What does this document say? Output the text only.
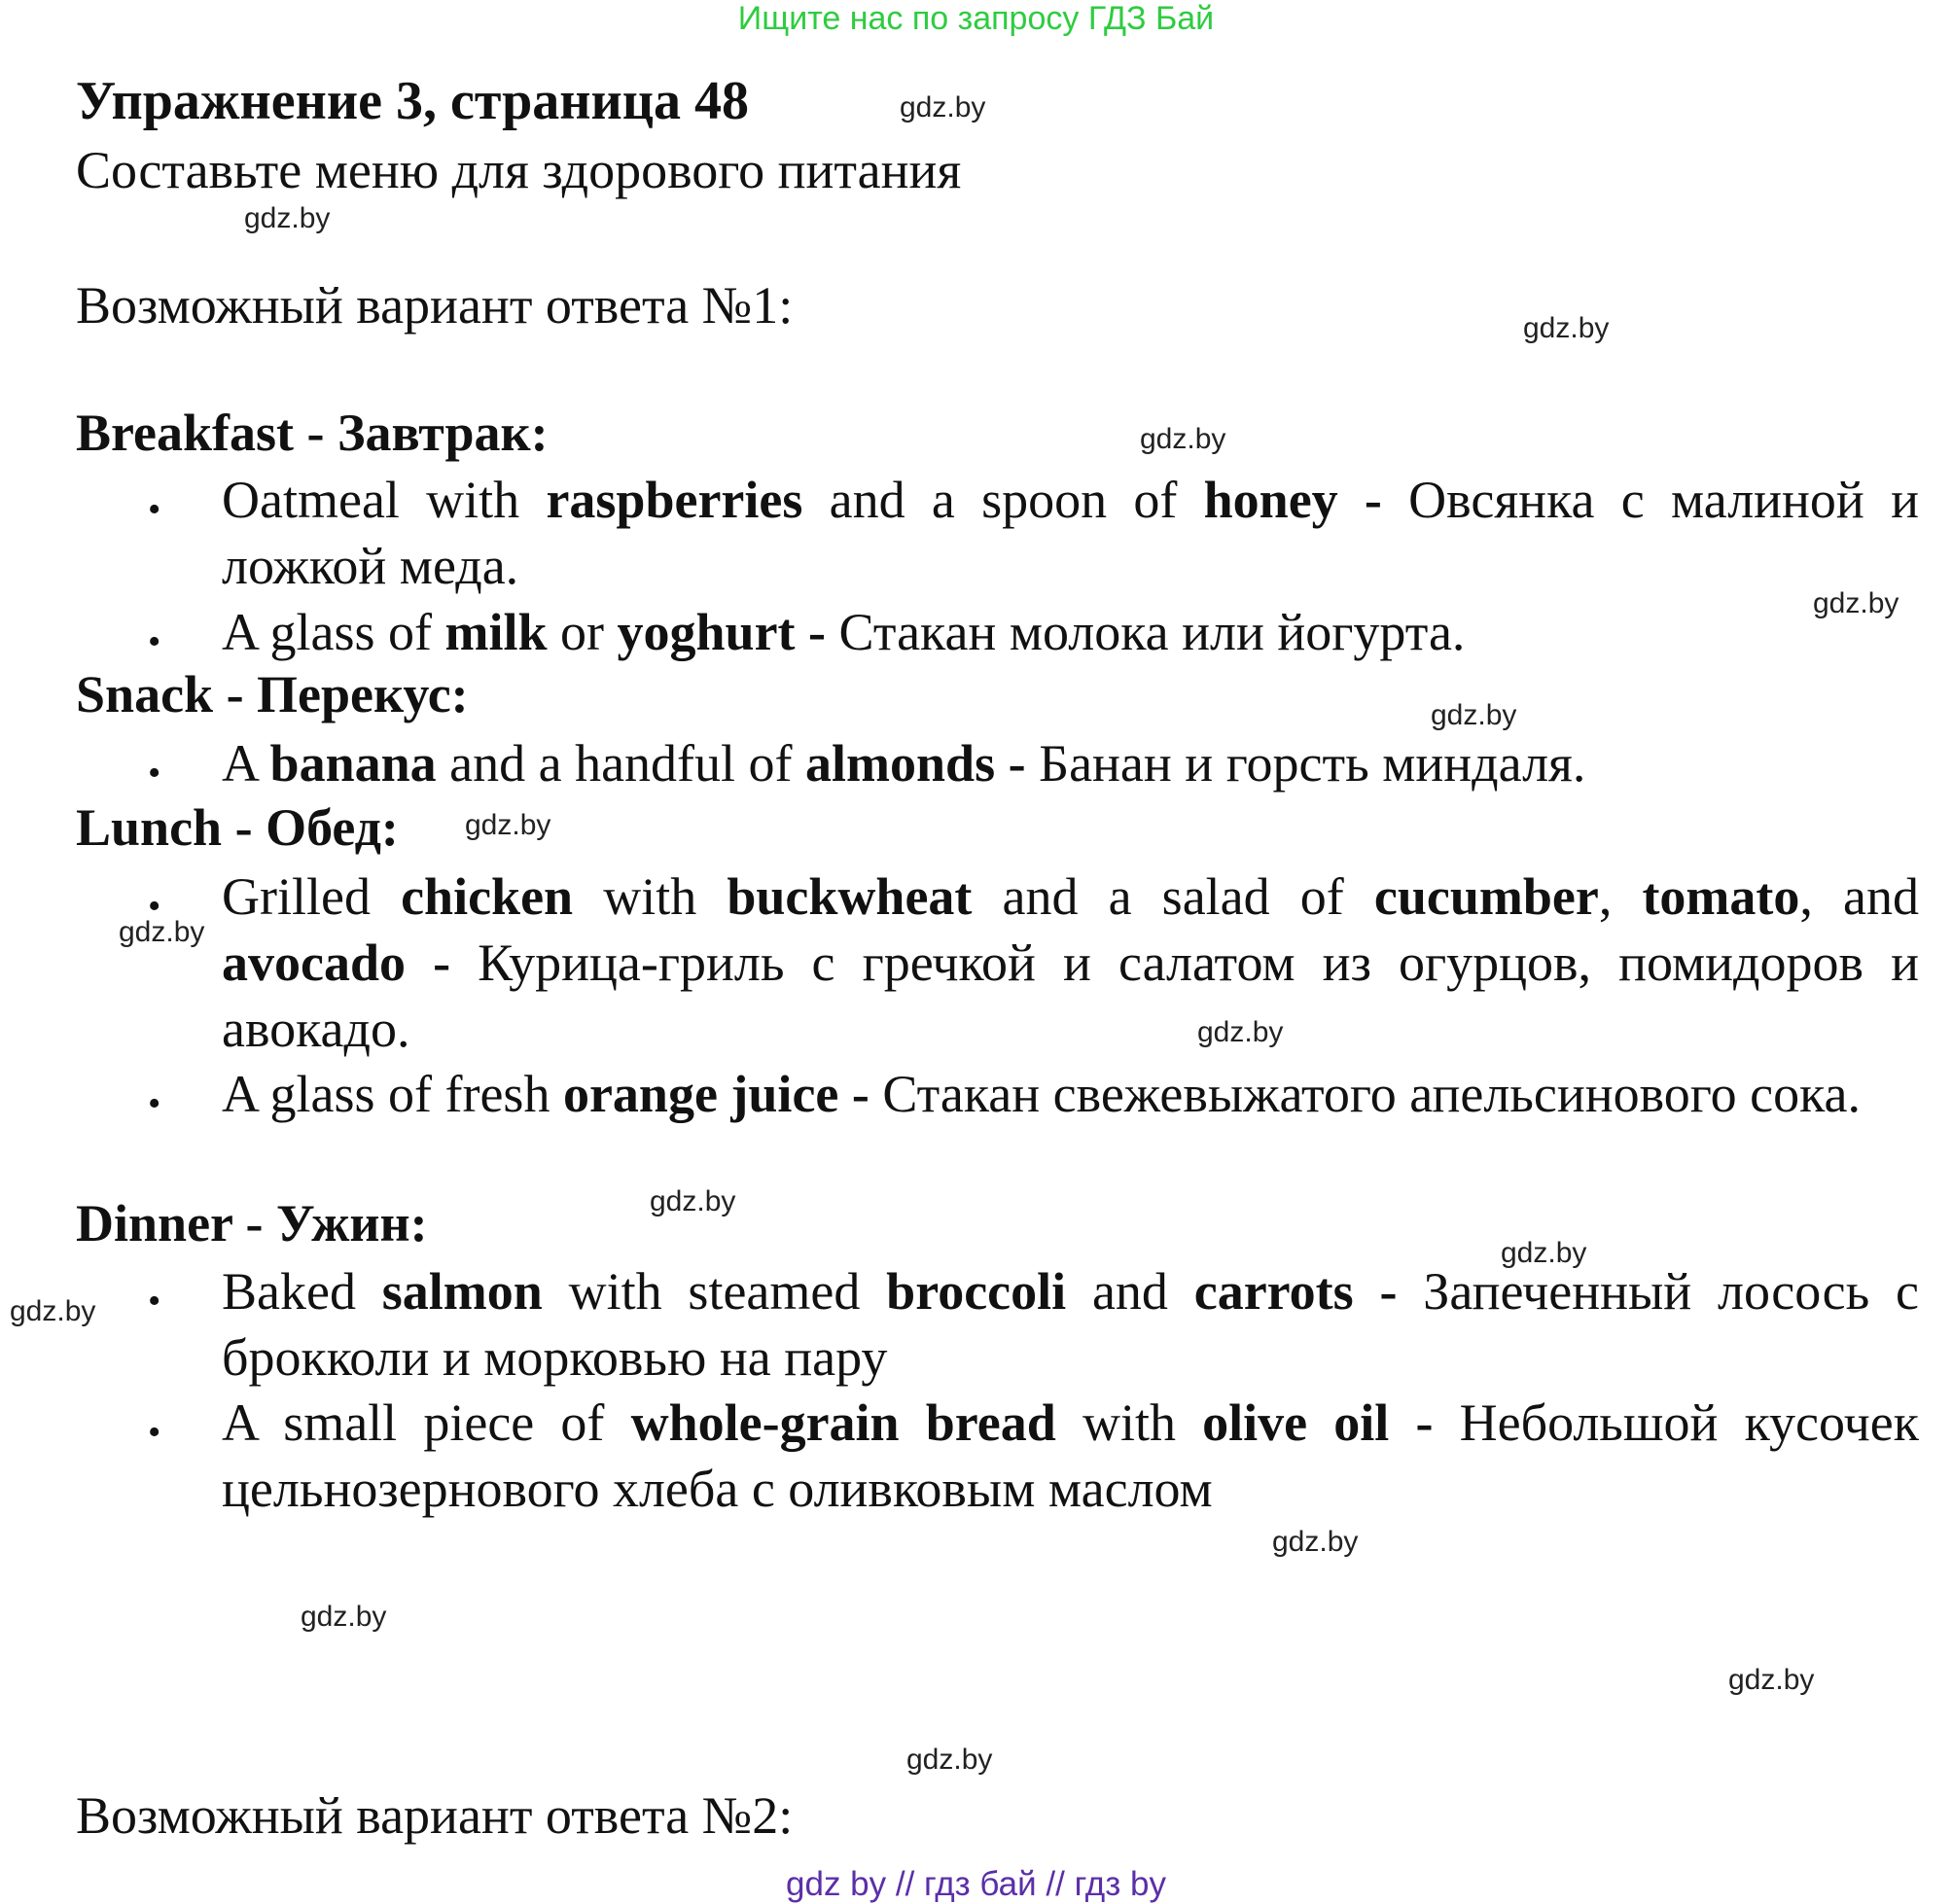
Ищите нас по запросу ГДЗ Бай
Упражнение 3, страница 48
Составьте меню для здорового питания
Возможный вариант ответа №1:
Breakfast - Завтрак:
• Oatmeal with raspberries and a spoon of honey - Овсянка с малиной и ложкой меда.
• A glass of milk or yoghurt - Стакан молока или йогурта.
Snack - Перекус:
• A banana and a handful of almonds - Банан и горсть миндаля.
Lunch - Обед:
• Grilled chicken with buckwheat and a salad of cucumber, tomato, and avocado - Курица-гриль с гречкой и салатом из огурцов, помидоров и авокадо.
• A glass of fresh orange juice - Стакан свежевыжатого апельсинового сока.
Dinner - Ужин:
• Baked salmon with steamed broccoli and carrots - Запеченный лосось с брокколи и морковью на пару
• A small piece of whole-grain bread with olive oil - Небольшой кусочек цельнозернового хлеба с оливковым маслом
Возможный вариант ответа №2:
gdz.by
gdz.by
gdz.by
gdz.by
gdz.by
gdz.by
gdz.by
gdz.by
gdz.by
gdz.by
gdz.by
gdz.by
gdz.by
gdz.by
gdz.by
gdz.by
gdz by // гдз бай // гдз by
